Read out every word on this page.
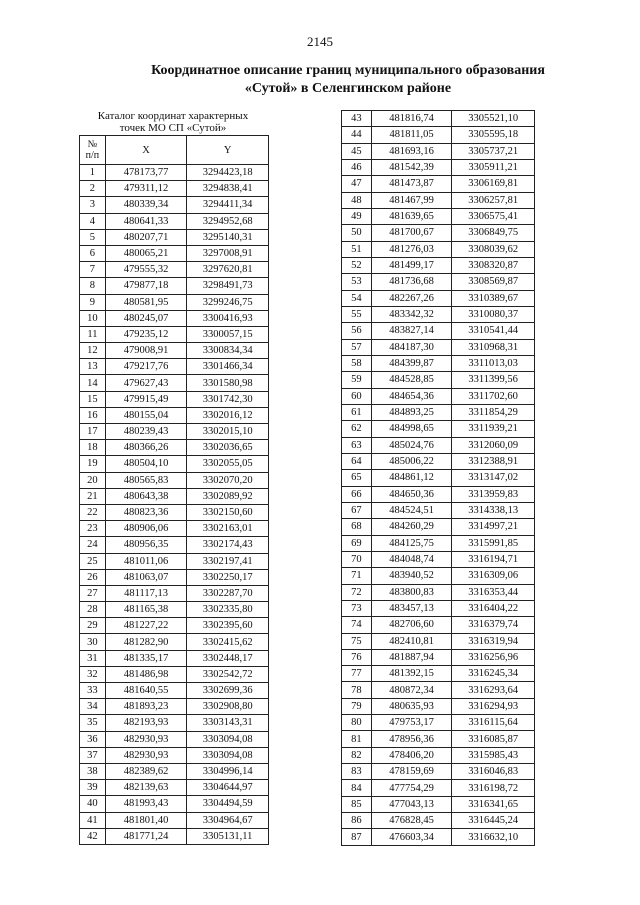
2145
Координатное описание границ муниципального образования
«Сутой» в Селенгинском районе
Каталог координат характерных
точек МО СП «Сутой»
№
п/п	X	Y
1	478173,77	3294423,18
2	479311,12	3294838,41
3	480339,34	3294411,34
4	480641,33	3294952,68
5	480207,71	3295140,31
6	480065,21	3297008,91
7	479555,32	3297620,81
8	479877,18	3298491,73
9	480581,95	3299246,75
10	480245,07	3300416,93
11	479235,12	3300057,15
12	479008,91	3300834,34
13	479217,76	3301466,34
14	479627,43	3301580,98
15	479915,49	3301742,30
16	480155,04	3302016,12
17	480239,43	3302015,10
18	480366,26	3302036,65
19	480504,10	3302055,05
20	480565,83	3302070,20
21	480643,38	3302089,92
22	480823,36	3302150,60
23	480906,06	3302163,01
24	480956,35	3302174,43
25	481011,06	3302197,41
26	481063,07	3302250,17
27	481117,13	3302287,70
28	481165,38	3302335,80
29	481227,22	3302395,60
30	481282,90	3302415,62
31	481335,17	3302448,17
32	481486,98	3302542,72
33	481640,55	3302699,36
34	481893,23	3302908,80
35	482193,93	3303143,31
36	482930,93	3303094,08
37	482930,93	3303094,08
38	482389,62	3304996,14
39	482139,63	3304644,97
40	481993,43	3304494,59
41	481801,40	3304964,67
42	481771,24	3305131,11
43	481816,74	3305521,10
44	481811,05	3305595,18
45	481693,16	3305737,21
46	481542,39	3305911,21
47	481473,87	3306169,81
48	481467,99	3306257,81
49	481639,65	3306575,41
50	481700,67	3306849,75
51	481276,03	3308039,62
52	481499,17	3308320,87
53	481736,68	3308569,87
54	482267,26	3310389,67
55	483342,32	3310080,37
56	483827,14	3310541,44
57	484187,30	3310968,31
58	484399,87	3311013,03
59	484528,85	3311399,56
60	484654,36	3311702,60
61	484893,25	3311854,29
62	484998,65	3311939,21
63	485024,76	3312060,09
64	485006,22	3312388,91
65	484861,12	3313147,02
66	484650,36	3313959,83
67	484524,51	3314338,13
68	484260,29	3314997,21
69	484125,75	3315991,85
70	484048,74	3316194,71
71	483940,52	3316309,06
72	483800,83	3316353,44
73	483457,13	3316404,22
74	482706,60	3316379,74
75	482410,81	3316319,94
76	481887,94	3316256,96
77	481392,15	3316245,34
78	480872,34	3316293,64
79	480635,93	3316294,93
80	479753,17	3316115,64
81	478956,36	3316085,87
82	478406,20	3315985,43
83	478159,69	3316046,83
84	477754,29	3316198,72
85	477043,13	3316341,65
86	476828,45	3316445,24
87	476603,34	3316632,10
